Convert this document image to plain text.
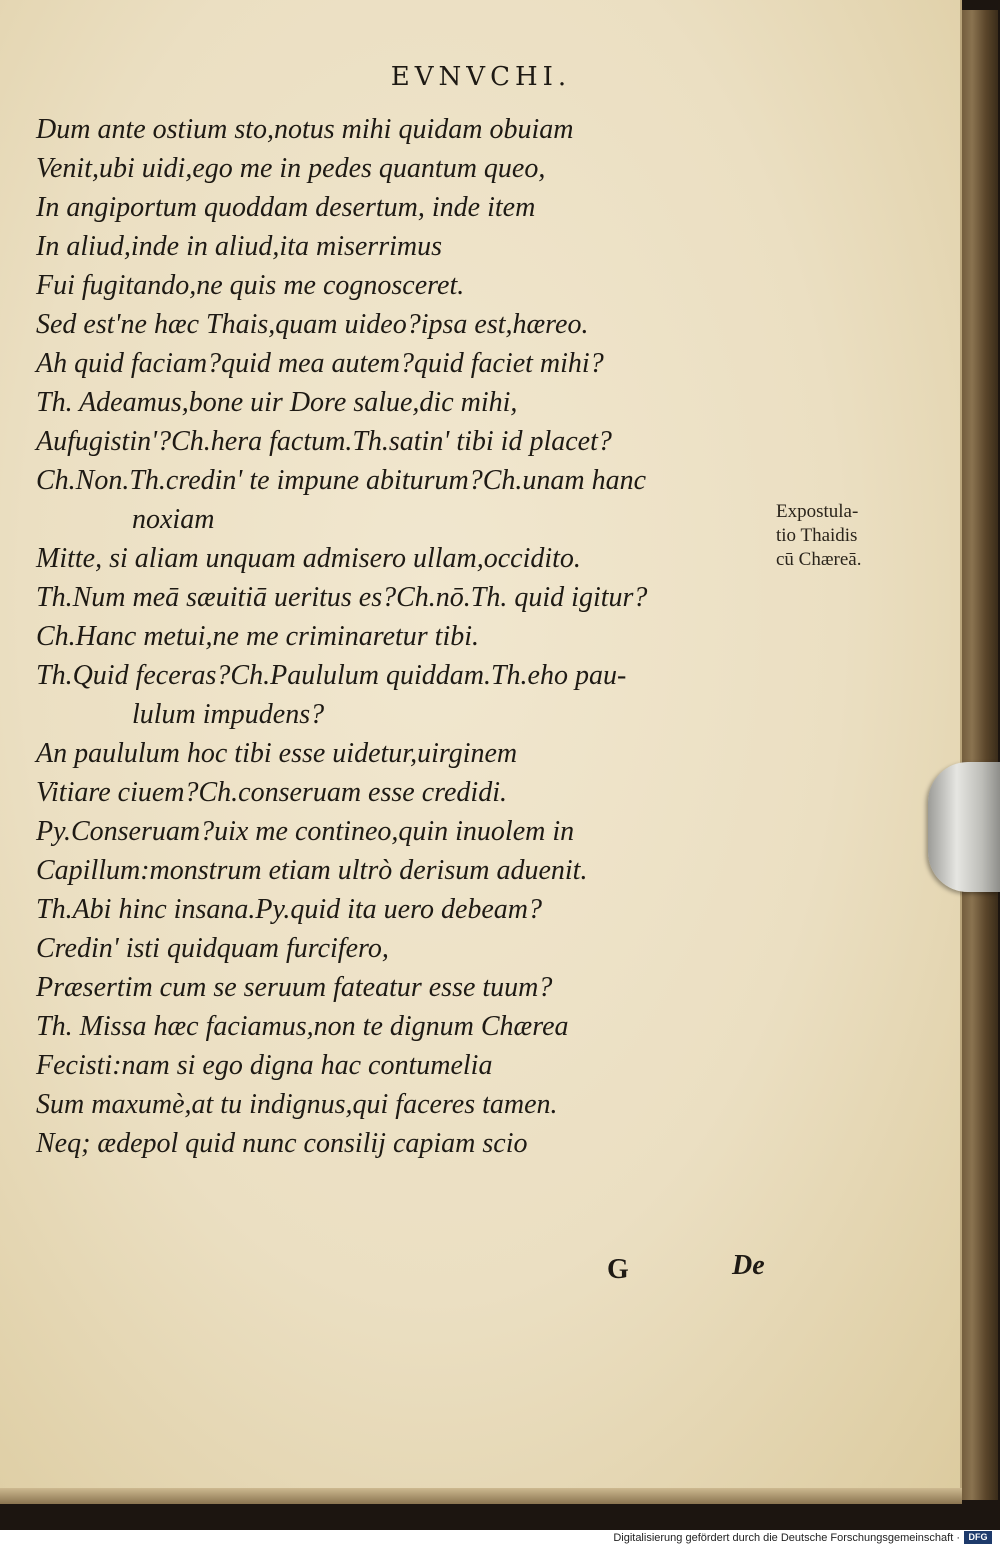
EVNVCHI.
Dum ante ostium sto,notus mihi quidam obuiam
Venit,ubi uidi,ego me in pedes quantum queo,
In angiportum quoddam desertum, inde item
In aliud,inde in aliud,ita miserrimus
Fui fugitando,ne quis me cognosceret.
Sed est'ne hæc Thais,quam uideo?ipsa est,hæreo.
Ah quid faciam?quid mea autem?quid faciet mihi?
Th. Adeamus,bone uir Dore salue,dic mihi,
Aufugistin'?Ch.hera factum.Th.satin' tibi id placet?
Ch.Non.Th.credin' te impune abiturum?Ch.unam hanc
noxiam
Mitte, si aliam unquam admisero ullam,occidito.
Th.Num meā sæuitiā ueritus es?Ch.nō.Th. quid igitur?
Ch.Hanc metui,ne me criminaretur tibi.
Th.Quid feceras?Ch.Paululum quiddam.Th.eho pau-
lulum impudens?
An paululum hoc tibi esse uidetur,uirginem
Vitiare ciuem?Ch.conseruam esse credidi.
Py.Conseruam?uix me contineo,quin inuolem in
Capillum:monstrum etiam ultrò derisum aduenit.
Th.Abi hinc insana.Py.quid ita uero debeam?
Credin' isti quidquam furcifero,
Præsertim cum se seruum fateatur esse tuum?
Th. Missa hæc faciamus,non te dignum Chærea
Fecisti:nam si ego digna hac contumelia
Sum maxumè,at tu indignus,qui faceres tamen.
Neq; ædepol quid nunc consilij capiam scio
Expostula-
tio Thaidis
cū Chæreā.
G	De
Digitalisierung gefördert durch die Deutsche Forschungsgemeinschaft · DFG
